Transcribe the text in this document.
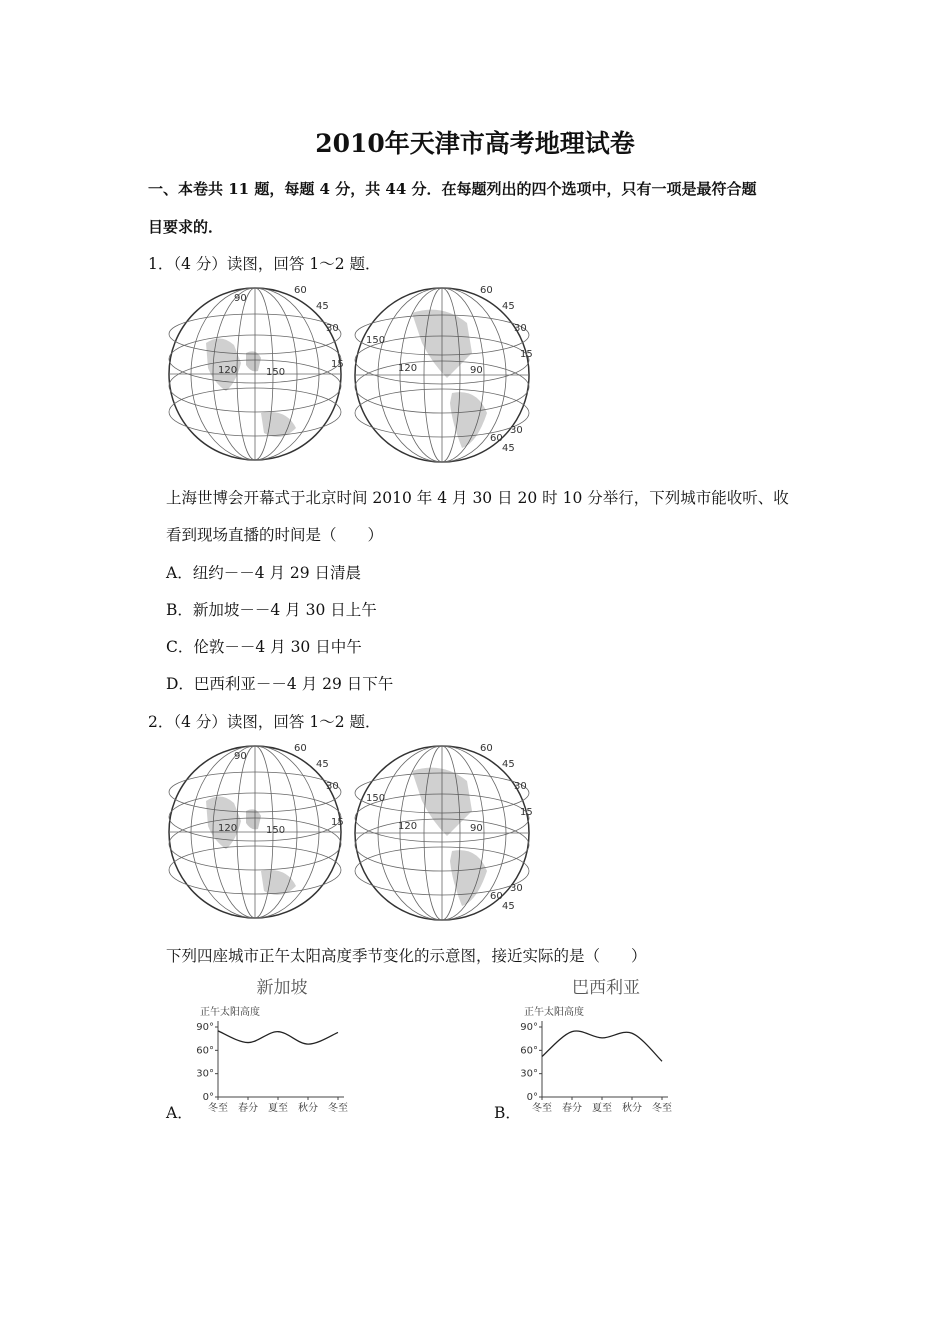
2010年天津市高考地理试卷
一、本卷共 11 题，每题 4 分，共 44 分．在每题列出的四个选项中，只有一项是最符合题
目要求的．
1．（4 分）读图，回答 1～2 题．
90
60
45
30
15
120	150
60
45
30
15
150
120	90
60
45
30
上海世博会开幕式于北京时间 2010 年 4 月 30 日 20 时 10 分举行，下列城市能收听、收
看到现场直播的时间是（　　）
A．纽约－－4 月 29 日清晨
B．新加坡－－4 月 30 日上午
C．伦敦－－4 月 30 日中午
D．巴西利亚－－4 月 29 日下午
2．（4 分）读图，回答 1～2 题．
90
60
45
30
15
120	150
60
45
30
15
150
120	90
60
45
30
下列四座城市正午太阳高度季节变化的示意图，接近实际的是（　　）
A．
新加坡
正午太阳高度
0°
30°
60°
90°
冬至 春分 夏至 秋分 冬至	B．
巴西利亚
正午太阳高度
0°
30°
60°
90°
冬至 春分 夏至 秋分 冬至
